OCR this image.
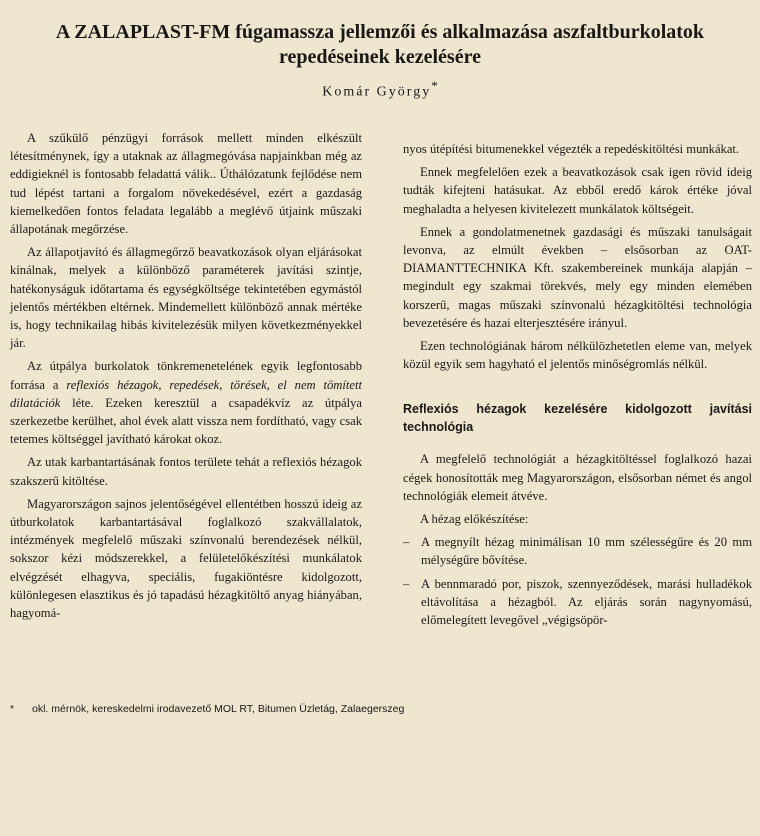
A ZALAPLAST-FM fúgamassza jellemzői és alkalmazása aszfaltburkolatok repedéseinek kezelésére
Komár György*

A szűkülő pénzügyi források mellett minden elkészült létesítménynek, így a utaknak az állagmegóvása napjainkban még az eddigieknél is fontosabb feladattá válik.. Úthálózatunk fejlődése nem tud lépést tartani a forgalom növekedésével, ezért a gazdaság kiemelkedően fontos feladata legalább a meglévő útjaink műszaki állapotának megőrzése.

Az állapotjavító és állagmegőrző beavatkozások olyan eljárásokat kínálnak, melyek a különböző paraméterek javítási szintje, hatékonyságuk időtartama és egységköltsége tekintetében egymástól jelentős mértékben eltérnek. Mindemellett különböző annak mértéke is, hogy technikailag hibás kivitelezésük milyen következményekkel jár.

Az útpálya burkolatok tönkremenetelének egyik legfontosabb forrása a reflexiós hézagok, repedések, törések, el nem tömített dilatációk léte. Ezeken keresztül a csapadékvíz az útpálya szerkezetbe kerülhet, ahol évek alatt vissza nem fordítható, vagy csak tetemes költséggel javítható károkat okoz.

Az utak karbantartásának fontos területe tehát a reflexiós hézagok szakszerű kitöltése.

Magyarországon sajnos jelentőségével ellentétben hosszú ideig az útburkolatok karbantartásával foglalkozó szakvállalatok, intézmények megfelelő műszaki színvonalú berendezések nélkül, sokszor kézi módszerekkel, a felületelőkészítési munkálatok elvégzését elhagyva, speciális, fugakiöntésre kidolgozott, különlegesen elasztikus és jó tapadású hézagkitöltő anyag hiányában, hagyomá-

nyos útépítési bitumenekkel végezték a repedéskitöltési munkákat.

Ennek megfelelően ezek a beavatkozások csak igen rövid ideig tudták kifejteni hatásukat. Az ebből eredő károk értéke jóval meghaladta a helyesen kivitelezett munkálatok költségeit.

Ennek a gondolatmenetnek gazdasági és műszaki tanulságait levonva, az elmúlt években – elsősorban az OAT-DIAMANTTECHNIKA Kft. szakembereinek munkája alapján – megindult egy szakmai törekvés, mely egy minden elemében korszerű, magas műszaki színvonalú hézagkitöltési technológia bevezetésére és hazai elterjesztésére irányul.

Ezen technológiának három nélkülözhetetlen eleme van, melyek közül egyik sem hagyható el jelentős minőségromlás nélkül.

Reflexiós hézagok kezelésére kidolgozott javítási technológia

A megfelelő technológiát a hézagkitöltéssel foglalkozó hazai cégek honosították meg Magyarországon, elsősorban német és angol technológiák elemeit átvéve.

A hézag előkészítése:

– A megnyílt hézag minimálisan 10 mm szélességűre és 20 mm mélységűre bővítése.

– A bennmaradó por, piszok, szennyeződések, marási hulladékok eltávolítása a hézagból. Az eljárás során nagynyomású, előmelegített levegővel „végigsöpör-

* okl. mérnök, kereskedelmi irodavezető MOL RT, Bitumen Üzletág, Zalaegerszeg
